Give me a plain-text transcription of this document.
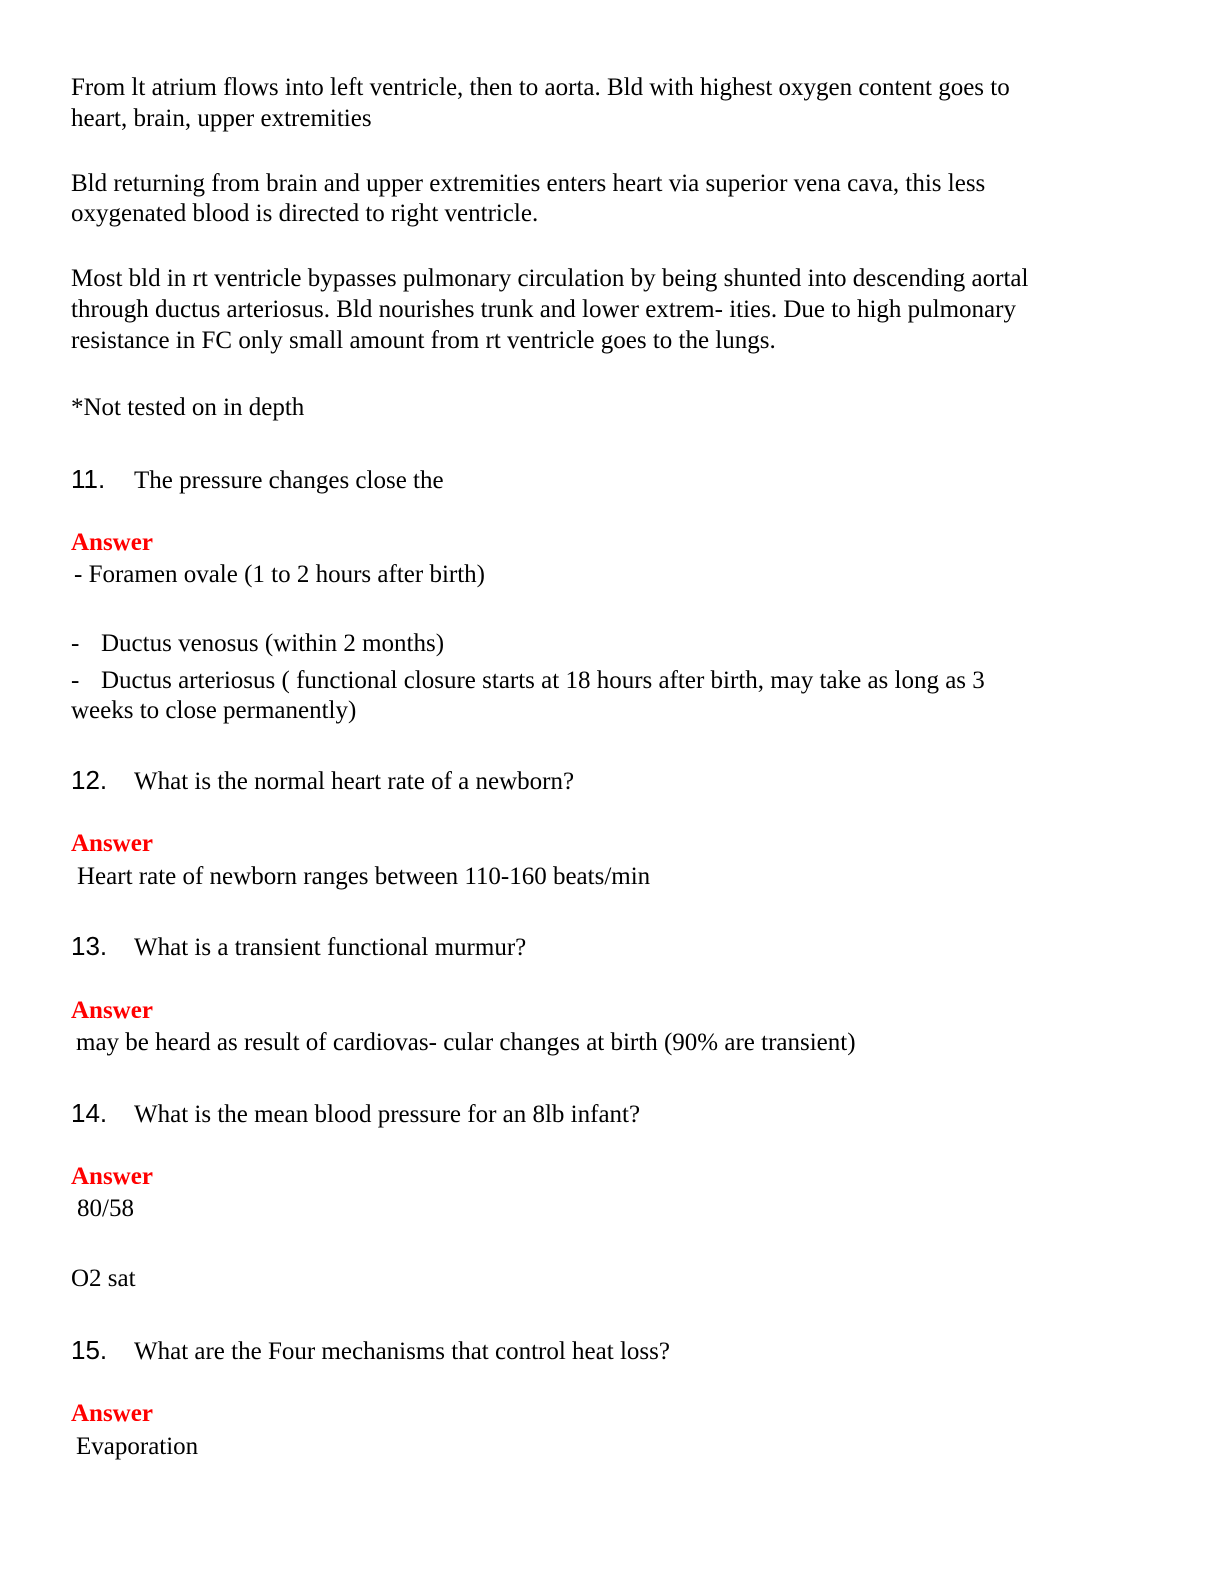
From lt atrium flows into left ventricle, then to aorta. Bld with highest oxygen content goes to

heart, brain, upper extremities

Bld returning from brain and upper extremities enters heart via superior vena cava, this less

oxygenated blood is directed to right ventricle.

Most bld in rt ventricle bypasses pulmonary circulation by being shunted into descending aortal

through ductus arteriosus. Bld nourishes trunk and lower extrem- ities. Due to high pulmonary

resistance in FC only small amount from rt ventricle goes to the lungs.

*Not tested on in depth

11. The pressure changes close the

Answer

- Foramen ovale (1 to 2 hours after birth)

- Ductus venosus (within 2 months)

- Ductus arteriosus ( functional closure starts at 18 hours after birth, may take as long as 3

weeks to close permanently)

12. What is the normal heart rate of a newborn?

Answer

Heart rate of newborn ranges between 110-160 beats/min

13. What is a transient functional murmur?

Answer

may be heard as result of cardiovas- cular changes at birth (90% are transient)

14. What is the mean blood pressure for an 8lb infant?

Answer

80/58

O2 sat

15. What are the Four mechanisms that control heat loss?

Answer

Evaporation
